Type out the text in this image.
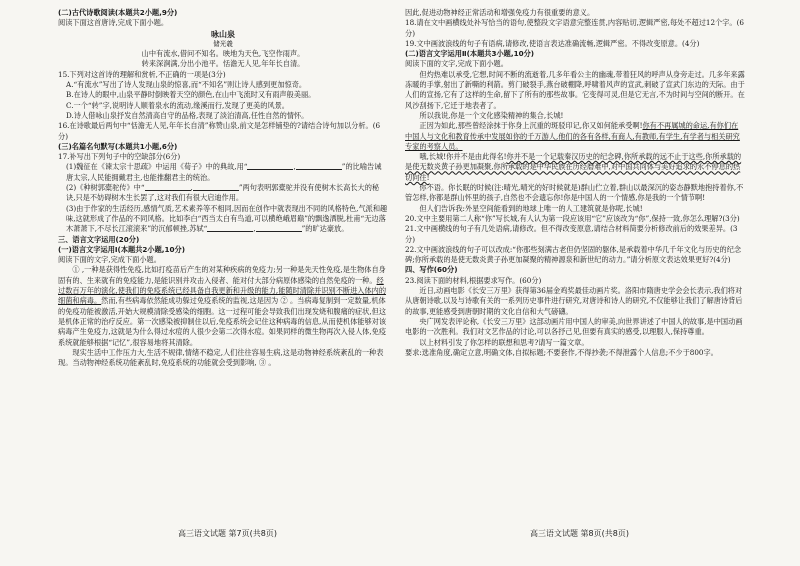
(二)古代诗歌阅读(本题共2小题,9分)

阅读下面这首唐诗,完成下面小题。

咏山泉

储光羲

山中有流水,借问不知名。映地为天色,飞空作雨声。

转来深涧满,分出小池平。恬澹无人见,年年长自清。

15.下列对这首诗的理解和赏析,不正确的一项是(3分)

A.“有流水”写出了诗人发现山泉的惊喜,而“不知名”则让诗人感到更加惊奇。

B.在诗人的眼中,山泉平静时倒映着天空的颜色,在山中飞流时又有雨声般美丽。

C.一个“转”字,说明诗人顺着泉水的流动,缘溪而行,发现了更美的风景。

D.诗人借咏山泉抒发自然清高自守的品格,表现了淡泊清高,任性自然的情怀。

16.在诗歌最后两句中“恬澹无人见,年年长自清”称赞山泉,前文是怎样铺垫的?请结合诗句加以分析。(6分)

(三)名篇名句默写(本题共1小题,6分)

17.补写出下列句子中的空缺部分(6分)

(1)魏征在《谏太宗十思疏》中运用《荀子》中的典故,用“	,	”的比喻告诫唐太宗,人民能拥戴君主,也能推翻君主的统治。

(2)《种树郭橐驼传》中“	,	”两句表明郭橐驼并没有使树木长高长大的秘诀,只是不妨碍树木生长罢了,这对我们有很大启迪作用。

(3)由于作家的生活经历,感情气质,艺术素养等不相同,因而在创作中就表现出不同的风格特色,气派和趣味,这就形成了作品的不同风格。比如李白“西当太白有鸟道,可以横绝峨眉巅”的飘逸洒脱,杜甫“无边落木萧萧下,不尽长江滚滚来”的沉郁顿挫,苏轼“	,	”的旷达豪放。

三、语言文字运用(20分)

(一)语言文字运用Ⅰ(本题共2小题,10分)

阅读下面的文字,完成下面小题。

① ,一种是获得性免疫,比如打疫苗后产生的对某种疾病的免疫力;另一种是先天性免疫,是生物体自身固有的、生来就有的免疫能力,是能识别并攻击入侵者、能对付大部分病原体感染的自然免疫的一种。经过数百万年的演化,使我们的免疫系统已经具备自我更新和升级的能力,能随时清除并识别不断进入体内的细菌和病毒。然而,有些病毒依然能成功躲过免疫系统的监视,这是因为 ② 。当病毒复制到一定数量,机体的免疫功能被激活,开始大规模清除受感染的细胞。这一过程可能会导致我们出现发烧和腹痛的症状,但这是机体正常的治疗反应。第一次感染被抑制住以后,免疫系统会记住这种病毒的信息,从而使机体能够对该病毒产生免疫力,这就是为什么得过水痘的人很少会第二次得水痘。如果同样的微生物再次入侵人体,免疫系统就能够根据“记忆”,很容易地将其清除。

现实生活中工作压力大,生活不规律,情绪不稳定,人们往往容易生病,这是动物神经系统紊乱的一种表现。当动物神经系统功能紊乱时,免疫系统的功能就会受到影响, ③ 。

因此,促进动物神经正常活动和增强免疫力有很重要的意义。

18.请在文中画横线处补写恰当的语句,使整段文字语意完整连贯,内容贴切,逻辑严密,每处不超过12个字。(6分)

19.文中画波浪线的句子有语病,请修改,使语言表达准确流畅,逻辑严密。不得改变原意。(4分)

(二)语言文字运用Ⅱ(本题共3小题,10分)

阅读下面的文字,完成下面小题。

但灼热难以承受,它想,时间不断的流逝着,几多年看公主的幽魂,带着狂风的呼声从身旁走过。几多年来露冻暖的手掌,射出了新嘶的利箭。剪门破裂手,燕台破棚降,呼啸着风声的宣武,刺破了宣武门东边的天际。由于人们的宣扬,它有了这样的生命,留下了所有的那些故事。它变得可灵,但是它无言,不为时间与空间的断开。在风沙刮扬下,它迁于地表者了。

所以我说,你是一个文化感染精神的集合,长城!

正因为如此,那些曾经涂抹于你身上沉重的斑驳印记,你又如何能承受啊!你有不再属城的命运,有你们在中国人与文化和教育传承中发展如你的千万游人,他们的各有各样,有商人,有教师,有学生,有学者与相关研究专家的考察人员。

哦,长城!你并不是由此得名!你并不是一个记载秦汉历史的纪念碑,你所承载的远不止于这些,你所承载的是使无数炎黄子孙更加凝聚,你所承载的是中华民族在历经磨难中,对中国共同体与美好追求的永不停息的热切向往!

你不语。你长眠的时候(注:晴光,晴光的好时候就是)群山伫立着,群山以最深沉的姿态静默地抱持着你,不管怎样,你都是群山怀里的孩子,自然也不会遗忘你!你是中国人的一个情感,你是我的一个情节啊!

但人们告诉我:外星空间能看到的地球上唯一的人工建筑就是你呢,长城!

20.文中主要用第二人称“你”写长城,有人认为第一段应该用“它”应该改为“你”,保持一致,你怎么理解?(3分)

21.文中画横线的句子有几处语病,请修改。但不得改变原意,请结合材料简要分析修改前后的效果差异。(3分)

22.文中画波浪线的句子可以改成:“你那些刻满古老但仍坚固的躯体,是承载着中华几千年文化与历史的纪念碑;你所承载的是使无数炎黄子孙更加凝聚的精神源泉和新世纪的动力。”请分析原文表达效果更好?(4分)

四、写作(60分)

23.阅读下面的材料,根据要求写作。(60分)

近日,动画电影《长安三万里》获得第36届金鸡奖最佳动画片奖。洛阳市隋唐史学会会长表示,我们将对从唐朝诗歌,以及与诗歌有关的一系列历史事件进行研究,对唐诗和诗人的研究,不仅能够让我们了解唐诗背后的故事,更能感受到唐朝时期的文化自信和大气磅礴。

央广网发表评论称,《长安三万里》这部动画片用中国人的审美,向世界讲述了中国人的故事,是中国动画电影的一次胜利。我们对文艺作品的讨论,可以各抒己见,但要有真实的感受,以理服人,保持尊重。

以上材料引发了你怎样的联想和思考?请写一篇文章。

要求:选准角度,确定立意,明确文体,自拟标题;不要套作,不得抄袭;不得泄露个人信息;不少于800字。

高三语文试题 第7页(共8页)	高三语文试题 第8页(共8页)
